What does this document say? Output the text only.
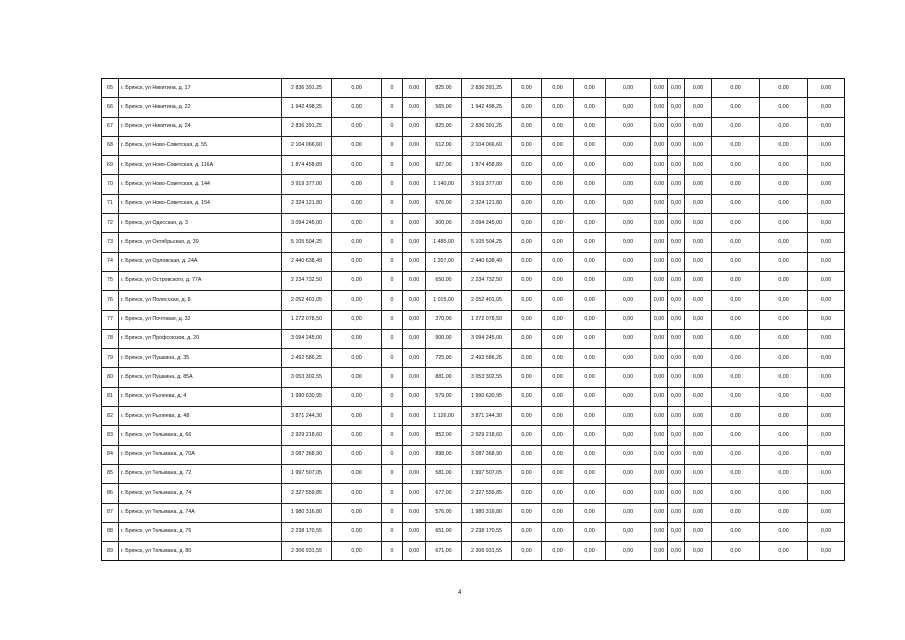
65	г. Брянск, ул Никитина, д. 17	2 836 391,25	0,00	0	0,00	825,00	2 836 391,25	0,00	0,00	0,00	0,00	0,00	0,00	0,00	0,00	0,00	0,00
66	г. Брянск, ул Никитина, д. 22	1 942 498,25	0,00	0	0,00	565,00	1 942 498,25	0,00	0,00	0,00	0,00	0,00	0,00	0,00	0,00	0,00	0,00
67	г. Брянск, ул Никитина, д. 24	2 836 391,25	0,00	0	0,00	825,00	2 836 391,25	0,00	0,00	0,00	0,00	0,00	0,00	0,00	0,00	0,00	0,00
68	г. Брянск, ул Ново-Советская, д. 55	2 104 066,60	0,00	0	0,00	612,00	2 104 066,60	0,00	0,00	0,00	0,00	0,00	0,00	0,00	0,00	0,00	0,00
69	г. Брянск, ул Ново-Советская, д. 116А	1 874 458,89	0,00	0	0,00	927,00	1 874 458,89	0,00	0,00	0,00	0,00	0,00	0,00	0,00	0,00	0,00	0,00
70	г. Брянск, ул Ново-Советская, д. 144	3 919 377,00	0,00	0	0,00	1 140,00	3 919 377,00	0,00	0,00	0,00	0,00	0,00	0,00	0,00	0,00	0,00	0,00
71	г. Брянск, ул Ново-Советская, д. 154	2 324 121,80	0,00	0	0,00	676,00	2 324 121,80	0,00	0,00	0,00	0,00	0,00	0,00	0,00	0,00	0,00	0,00
72	г. Брянск, ул Одесская, д. 3	3 094 245,00	0,00	0	0,00	900,00	3 094 245,00	0,00	0,00	0,00	0,00	0,00	0,00	0,00	0,00	0,00	0,00
73	г. Брянск, ул Октябрьская, д. 39	5 105 504,25	0,00	0	0,00	1 485,00	5 105 504,25	0,00	0,00	0,00	0,00	0,00	0,00	0,00	0,00	0,00	0,00
74	г. Брянск, ул Орловская, д. 24А	2 440 638,49	0,00	0	0,00	1 207,00	2 440 638,49	0,00	0,00	0,00	0,00	0,00	0,00	0,00	0,00	0,00	0,00
75	г. Брянск, ул Островского, д. 77А	2 234 732,50	0,00	0	0,00	650,00	2 234 732,50	0,00	0,00	0,00	0,00	0,00	0,00	0,00	0,00	0,00	0,00
76	г. Брянск, ул Полесская, д. 8	2 052 401,05	0,00	0	0,00	1 015,00	2 052 401,05	0,00	0,00	0,00	0,00	0,00	0,00	0,00	0,00	0,00	0,00
77	г. Брянск, ул Почтовая, д. 32	1 272 078,50	0,00	0	0,00	370,00	1 272 078,50	0,00	0,00	0,00	0,00	0,00	0,00	0,00	0,00	0,00	0,00
78	г. Брянск, ул Профсоюзов, д. 20	3 094 245,00	0,00	0	0,00	900,00	3 094 245,00	0,00	0,00	0,00	0,00	0,00	0,00	0,00	0,00	0,00	0,00
79	г. Брянск, ул Пушкина, д. 35	2 492 586,25	0,00	0	0,00	725,00	2 492 586,25	0,00	0,00	0,00	0,00	0,00	0,00	0,00	0,00	0,00	0,00
80	г. Брянск, ул Пушкина, д. 85А	3 053 302,55	0,00	0	0,00	881,00	3 053 302,55	0,00	0,00	0,00	0,00	0,00	0,00	0,00	0,00	0,00	0,00
81	г. Брянск, ул Рылеева, д. 4	1 990 630,95	0,00	0	0,00	579,00	1 990 630,95	0,00	0,00	0,00	0,00	0,00	0,00	0,00	0,00	0,00	0,00
82	г. Брянск, ул Рылеева, д. 48	3 871 244,30	0,00	0	0,00	1 126,00	3 871 244,30	0,00	0,00	0,00	0,00	0,00	0,00	0,00	0,00	0,00	0,00
83	г. Брянск, ул Тельмана, д. 66	2 929 218,60	0,00	0	0,00	852,00	2 929 218,60	0,00	0,00	0,00	0,00	0,00	0,00	0,00	0,00	0,00	0,00
84	г. Брянск, ул Тельмана, д. 70А	3 087 368,90	0,00	0	0,00	898,00	3 087 368,90	0,00	0,00	0,00	0,00	0,00	0,00	0,00	0,00	0,00	0,00
85	г. Брянск, ул Тельмана, д. 72	1 997 507,05	0,00	0	0,00	581,00	1 997 507,05	0,00	0,00	0,00	0,00	0,00	0,00	0,00	0,00	0,00	0,00
86	г. Брянск, ул Тельмана, д. 74	2 327 559,85	0,00	0	0,00	677,00	2 327 559,85	0,00	0,00	0,00	0,00	0,00	0,00	0,00	0,00	0,00	0,00
87	г. Брянск, ул Тельмана, д. 74А	1 980 316,80	0,00	0	0,00	576,00	1 980 316,80	0,00	0,00	0,00	0,00	0,00	0,00	0,00	0,00	0,00	0,00
88	г. Брянск, ул Тельмана, д. 76	2 238 170,55	0,00	0	0,00	651,00	2 238 170,55	0,00	0,00	0,00	0,00	0,00	0,00	0,00	0,00	0,00	0,00
89	г. Брянск, ул Тельмана, д. 80	2 306 931,55	0,00	0	0,00	671,00	2 306 931,55	0,00	0,00	0,00	0,00	0,00	0,00	0,00	0,00	0,00	0,00
4
